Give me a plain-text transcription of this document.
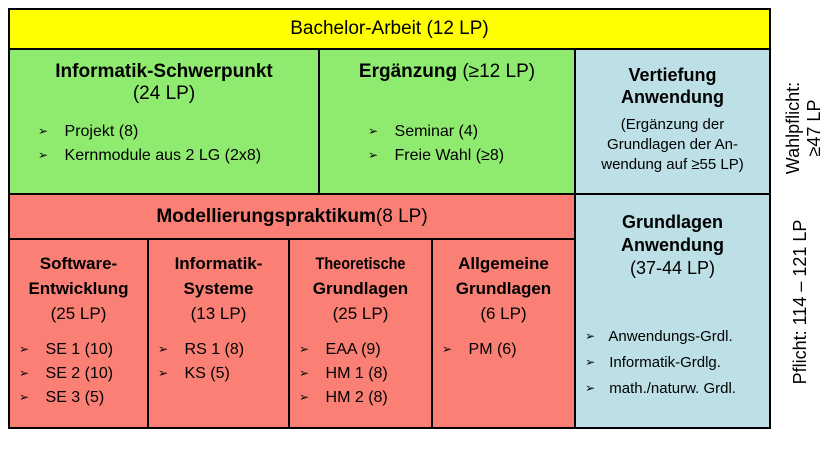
Bachelor-Arbeit (12 LP)
Informatik-Schwerpunkt
(24 LP)
➢ Projekt (8)
➢ Kernmodule aus 2 LG (2x8)
Ergänzung (≥12 LP)
➢ Seminar (4)
➢ Freie Wahl (≥8)
Vertiefung
Anwendung
(Ergänzung der
Grundlagen der An-
wendung auf ≥55 LP)
Modellierungspraktikum (8 LP)
Software-
Entwicklung
(25 LP)
➢ SE 1 (10)
➢ SE 2 (10)
➢ SE 3 (5)
Informatik-
Systeme
(13 LP)
➢ RS 1 (8)
➢ KS (5)
Theoretische
Grundlagen
(25 LP)
➢ EAA (9)
➢ HM 1 (8)
➢ HM 2 (8)
Allgemeine
Grundlagen
(6 LP)
➢ PM (6)
Grundlagen
Anwendung
(37-44 LP)
➢ Anwendungs-Grdl.
➢ Informatik-Grdlg.
➢ math./naturw. Grdl.
Wahlpflicht: ≥47 LP
Pflicht: 114 – 121 LP
